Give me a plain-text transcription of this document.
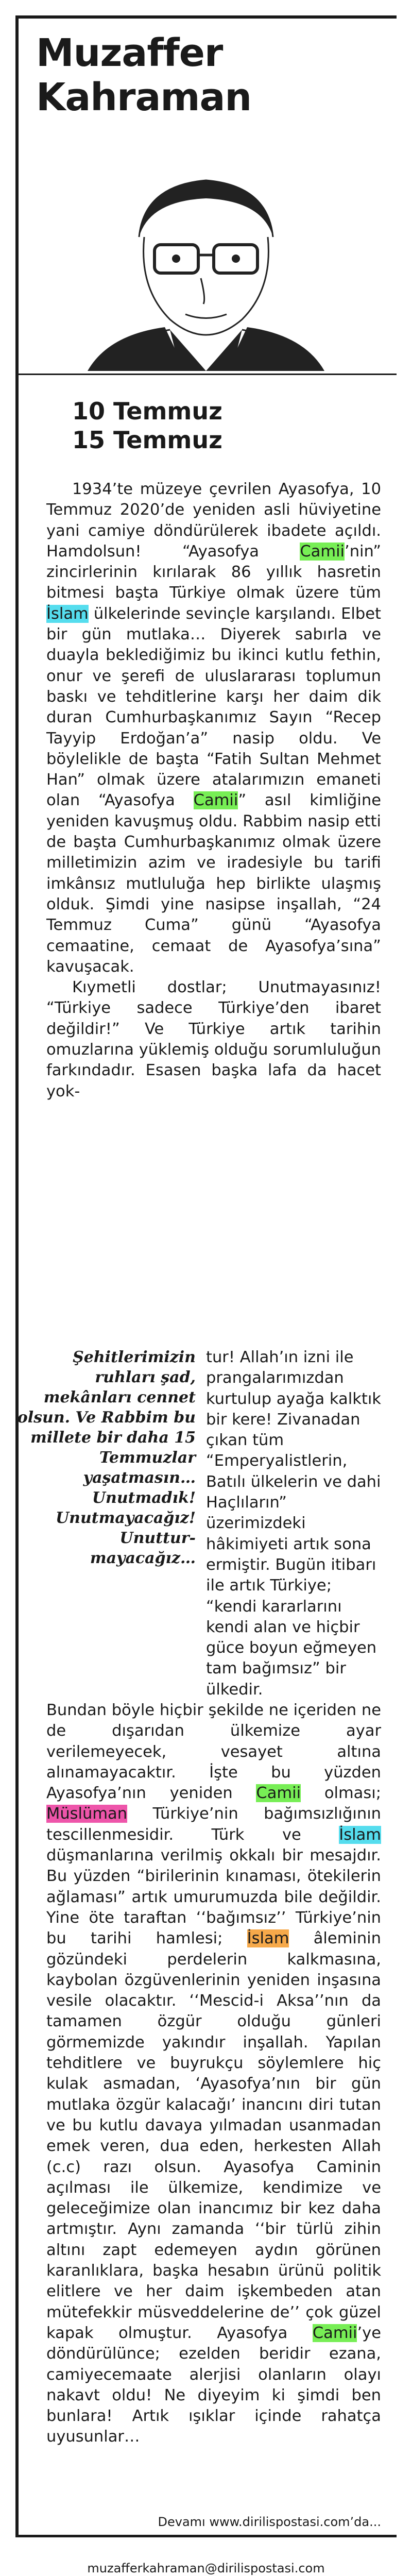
Muzaffer
Kahraman
10 Temmuz
15 Temmuz

1934’te müzeye çevrilen Ayasofya, 10 Temmuz 2020’de yeniden asli hüviyetine yani camiye döndürülerek ibadete açıldı. Hamdolsun! “Ayasofya Camii’nin” zincirlerinin kırılarak 86 yıllık hasretin bitmesi başta Türkiye olmak üzere tüm İslam ülkelerinde sevinçle karşılandı. Elbet bir gün mutlaka… Diyerek sabırla ve duayla beklediğimiz bu ikinci kutlu fethin, onur ve şerefi de uluslararası toplumun baskı ve tehditlerine karşı her daim dik duran Cumhurbaşkanımız Sayın “Recep Tayyip Erdoğan’a” nasip oldu. Ve böylelikle de başta “Fatih Sultan Mehmet Han” olmak üzere atalarımızın emaneti olan “Ayasofya Camii” asıl kimliğine yeniden kavuşmuş oldu. Rabbim nasip etti de başta Cumhurbaşkanımız olmak üzere milletimizin azim ve iradesiyle bu tarifi imkânsız mutluluğa hep birlikte ulaşmış olduk. Şimdi yine nasipse inşallah, “24 Temmuz Cuma” günü “Ayasofya cemaatine, cemaat de Ayasofya’sına” kavuşacak.

Kıymetli dostlar; Unutmayasınız! “Türkiye sadece Türkiye’den ibaret değildir!” Ve Türkiye artık tarihin omuzlarına yüklemiş olduğu sorumluluğun farkındadır. Esasen başka lafa da hacet yok-

Şehitlerimizin ruhları şad, mekânları cennet olsun. Ve Rabbim bu millete bir daha 15 Temmuzlar yaşatmasın… Unutmadık! Unutmayacağız! Unuttur-mayacağız…
tur! Allah’ın izni ile prangalarımızdan kurtulup ayağa kalktık bir kere! Zivanadan çıkan tüm “Emperyalistlerin, Batılı ülkelerin ve dahi Haçlıların” üzerimizdeki hâkimiyeti artık sona ermiştir. Bugün itibarı ile artık Türkiye; “kendi kararlarını kendi alan ve hiçbir güce boyun eğmeyen tam bağımsız” bir ülkedir.

Bundan böyle hiçbir şekilde ne içeriden ne de dışarıdan ülkemize ayar verilemeyecek, vesayet altına alınamayacaktır. İşte bu yüzden Ayasofya’nın yeniden Camii olması; Müslüman Türkiye’nin bağımsızlığının tescillenmesidir. Türk ve İslam düşmanlarına verilmiş okkalı bir mesajdır. Bu yüzden “birilerinin kınaması, ötekilerin ağlaması” artık umurumuzda bile değildir. Yine öte taraftan ‘‘bağımsız’’ Türkiye’nin bu tarihi hamlesi; İslam âleminin gözündeki perdelerin kalkmasına, kaybolan özgüvenlerinin yeniden inşasına vesile olacaktır. ‘‘Mescid-i Aksa’’nın da tamamen özgür olduğu günleri görmemizde yakındır inşallah. Yapılan tehditlere ve buyrukçu söylemlere hiç kulak asmadan, ‘Ayasofya’nın bir gün mutlaka özgür kalacağı’ inancını diri tutan ve bu kutlu davaya yılmadan usanmadan emek veren, dua eden, herkesten Allah (c.c) razı olsun. Ayasofya Caminin açılması ile ülkemize, kendimize ve geleceğimize olan inancımız bir kez daha artmıştır. Aynı zamanda ‘‘bir türlü zihin altını zapt edemeyen aydın görünen karanlıklara, başka hesabın ürünü politik elitlere ve her daim işkembeden atan mütefekkir müsveddelerine de’’ çok güzel kapak olmuştur. Ayasofya Camii’ye döndürülünce; ezelden beridir ezana, camiyecemaate alerjisi olanların olayı nakavt oldu! Ne diyeyim ki şimdi ben bunlara! Artık ışıklar içinde rahatça uyusunlar…

Devamı www.dirilispostasi.com’da...
muzafferkahraman@dirilispostasi.com
